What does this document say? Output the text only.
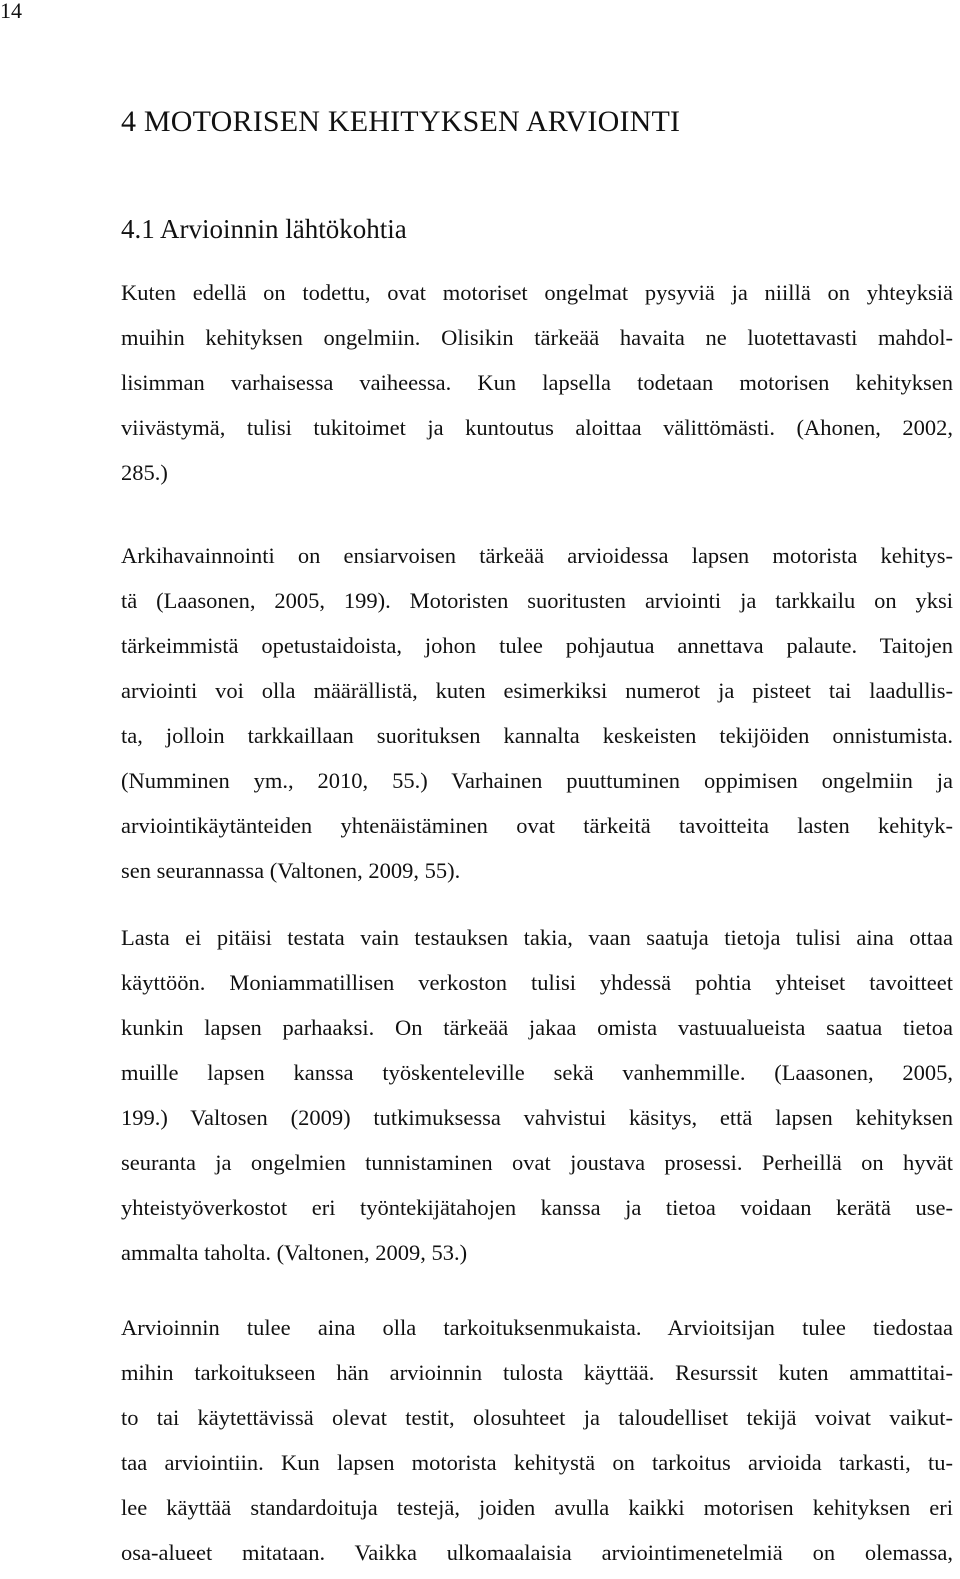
14
4 MOTORISEN KEHITYKSEN ARVIOINTI
4.1 Arvioinnin lähtökohtia
Kuten edellä on todettu, ovat motoriset ongelmat pysyviä ja niillä on yhteyksiä
muihin kehityksen ongelmiin. Olisikin tärkeää havaita ne luotettavasti mahdol-
lisimman varhaisessa vaiheessa. Kun lapsella todetaan motorisen kehityksen
viivästymä, tulisi tukitoimet ja kuntoutus aloittaa välittömästi. (Ahonen, 2002,
285.)
Arkihavainnointi on ensiarvoisen tärkeää arvioidessa lapsen motorista kehitys-
tä (Laasonen, 2005, 199). Motoristen suoritusten arviointi ja tarkkailu on yksi
tärkeimmistä opetustaidoista, johon tulee pohjautua annettava palaute. Taitojen
arviointi voi olla määrällistä, kuten esimerkiksi numerot ja pisteet tai laadullis-
ta, jolloin tarkkaillaan suorituksen kannalta keskeisten tekijöiden onnistumista.
(Numminen ym., 2010, 55.) Varhainen puuttuminen oppimisen ongelmiin ja
arviointikäytänteiden yhtenäistäminen ovat tärkeitä tavoitteita lasten kehityk-
sen seurannassa (Valtonen, 2009, 55).
Lasta ei pitäisi testata vain testauksen takia, vaan saatuja tietoja tulisi aina ottaa
käyttöön. Moniammatillisen verkoston tulisi yhdessä pohtia yhteiset tavoitteet
kunkin lapsen parhaaksi. On tärkeää jakaa omista vastuualueista saatua tietoa
muille lapsen kanssa työskenteleville sekä vanhemmille. (Laasonen, 2005,
199.) Valtosen (2009) tutkimuksessa vahvistui käsitys, että lapsen kehityksen
seuranta ja ongelmien tunnistaminen ovat joustava prosessi. Perheillä on hyvät
yhteistyöverkostot eri työntekijätahojen kanssa ja tietoa voidaan kerätä use-
ammalta taholta. (Valtonen, 2009, 53.)
Arvioinnin tulee aina olla tarkoituksenmukaista. Arvioitsijan tulee tiedostaa
mihin tarkoitukseen hän arvioinnin tulosta käyttää. Resurssit kuten ammattitai-
to tai käytettävissä olevat testit, olosuhteet ja taloudelliset tekijä voivat vaikut-
taa arviointiin. Kun lapsen motorista kehitystä on tarkoitus arvioida tarkasti, tu-
lee käyttää standardoituja testejä, joiden avulla kaikki motorisen kehityksen eri
osa-alueet mitataan. Vaikka ulkomaalaisia arviointimenetelmiä on olemassa,
